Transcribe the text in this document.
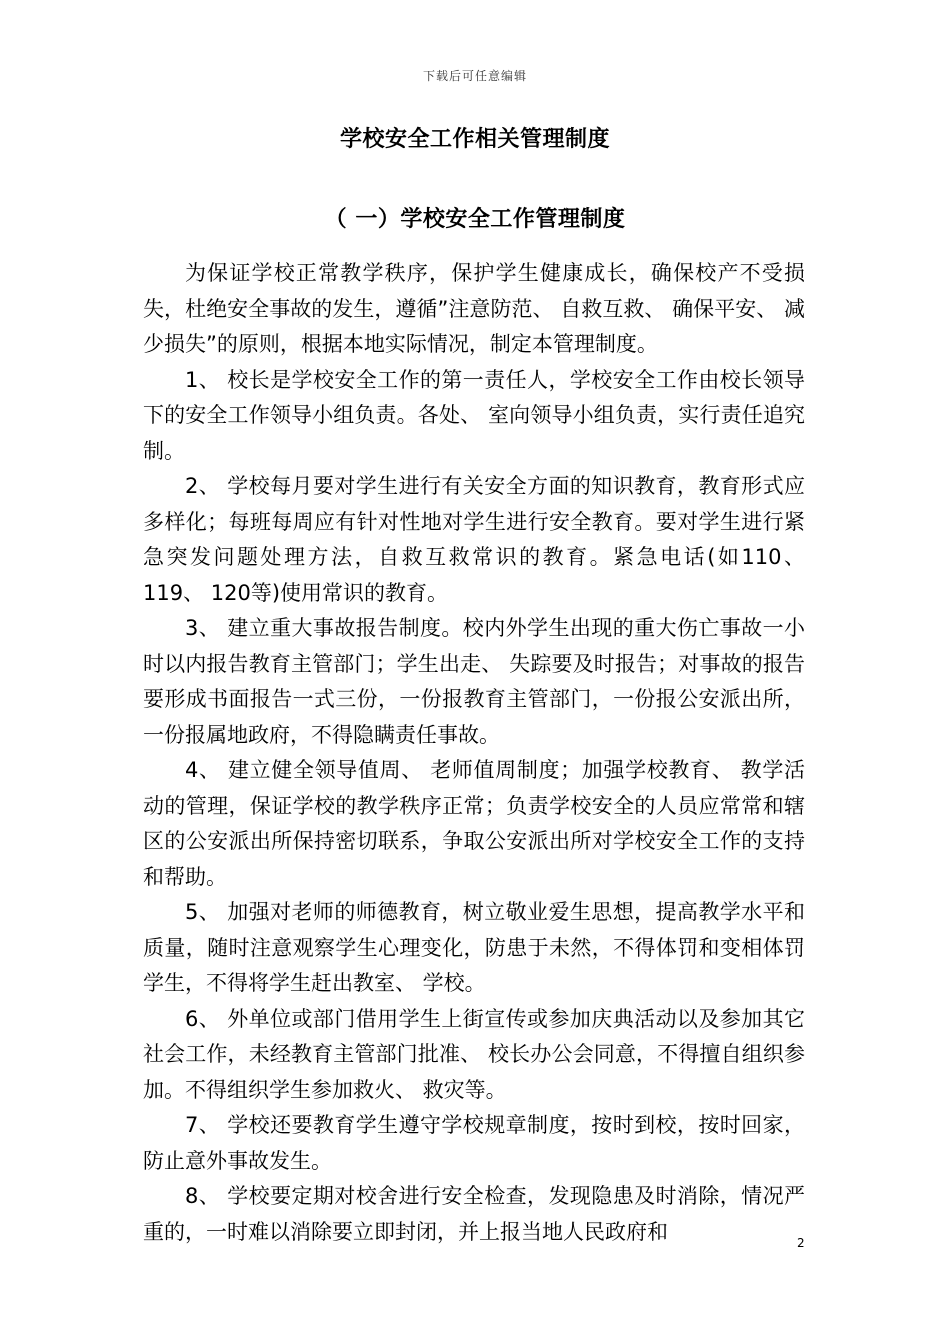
下载后可任意编辑
学校安全工作相关管理制度
（ 一）学校安全工作管理制度

为保证学校正常教学秩序，保护学生健康成长，确保校产不受损失，杜绝安全事故的发生，遵循”注意防范、 自救互救、 确保平安、 减少损失”的原则，根据本地实际情况，制定本管理制度。

1、 校长是学校安全工作的第一责任人，学校安全工作由校长领导下的安全工作领导小组负责。各处、 室向领导小组负责，实行责任追究制。

2、 学校每月要对学生进行有关安全方面的知识教育，教育形式应多样化；每班每周应有针对性地对学生进行安全教育。要对学生进行紧急突发问题处理方法，自救互救常识的教育。紧急电话(如110、 119、 120等)使用常识的教育。

3、 建立重大事故报告制度。校内外学生出现的重大伤亡事故一小时以内报告教育主管部门；学生出走、 失踪要及时报告；对事故的报告要形成书面报告一式三份，一份报教育主管部门，一份报公安派出所，一份报属地政府，不得隐瞒责任事故。

4、 建立健全领导值周、 老师值周制度；加强学校教育、 教学活动的管理，保证学校的教学秩序正常；负责学校安全的人员应常常和辖区的公安派出所保持密切联系，争取公安派出所对学校安全工作的支持和帮助。

5、 加强对老师的师德教育，树立敬业爱生思想，提高教学水平和质量，随时注意观察学生心理变化，防患于未然，不得体罚和变相体罚学生，不得将学生赶出教室、 学校。

6、 外单位或部门借用学生上街宣传或参加庆典活动以及参加其它社会工作，未经教育主管部门批准、 校长办公会同意，不得擅自组织参加。不得组织学生参加救火、 救灾等。

7、 学校还要教育学生遵守学校规章制度，按时到校，按时回家，防止意外事故发生。

8、 学校要定期对校舍进行安全检查，发现隐患及时消除，情况严重的，一时难以消除要立即封闭，并上报当地人民政府和	2
